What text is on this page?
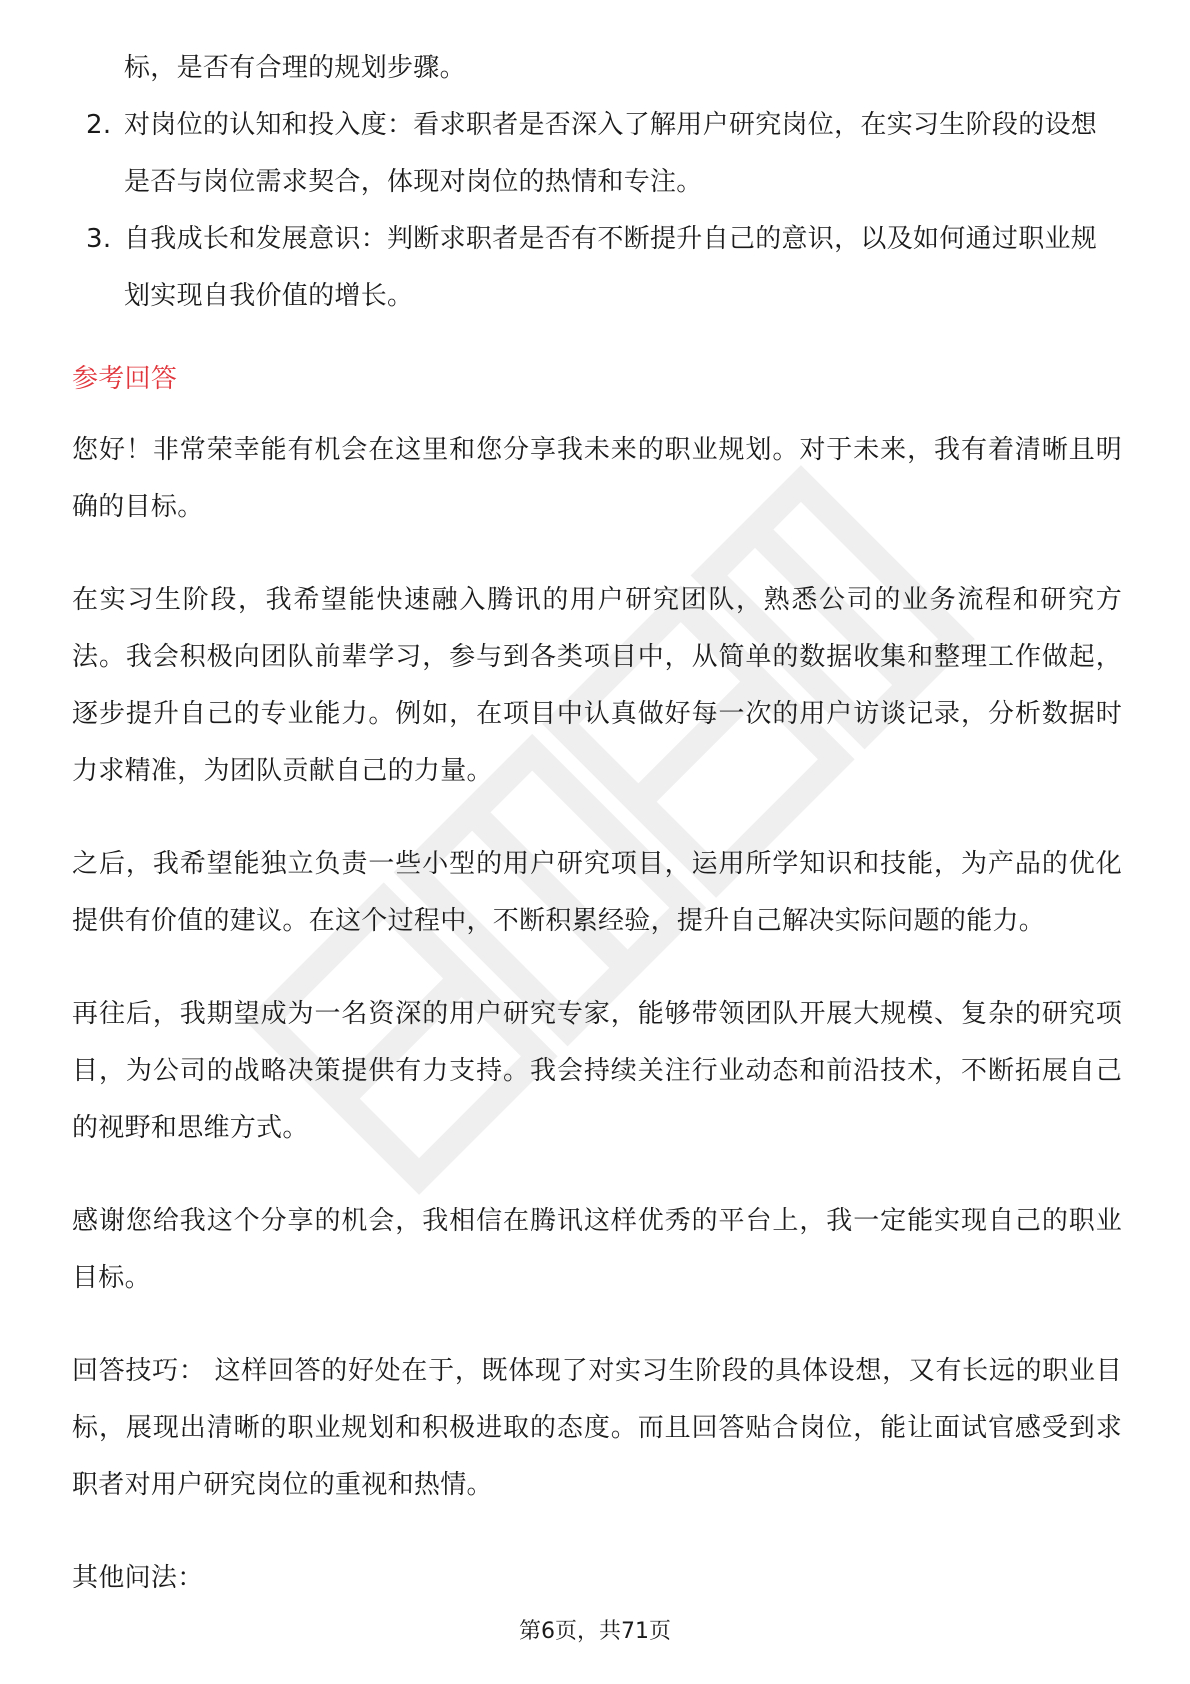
标，是否有合理的规划步骤。

2. 对岗位的认知和投入度：看求职者是否深入了解用户研究岗位，在实习生阶段的设想是否与岗位需求契合，体现对岗位的热情和专注。
3. 自我成长和发展意识：判断求职者是否有不断提升自己的意识，以及如何通过职业规划实现自我价值的增长。
参考回答

您好！非常荣幸能有机会在这里和您分享我未来的职业规划。对于未来，我有着清晰且明确的目标。

在实习生阶段，我希望能快速融入腾讯的用户研究团队，熟悉公司的业务流程和研究方法。我会积极向团队前辈学习，参与到各类项目中，从简单的数据收集和整理工作做起，逐步提升自己的专业能力。例如，在项目中认真做好每一次的用户访谈记录，分析数据时力求精准，为团队贡献自己的力量。

之后，我希望能独立负责一些小型的用户研究项目，运用所学知识和技能，为产品的优化提供有价值的建议。在这个过程中，不断积累经验，提升自己解决实际问题的能力。

再往后，我期望成为一名资深的用户研究专家，能够带领团队开展大规模、复杂的研究项目，为公司的战略决策提供有力支持。我会持续关注行业动态和前沿技术，不断拓展自己的视野和思维方式。

感谢您给我这个分享的机会，我相信在腾讯这样优秀的平台上，我一定能实现自己的职业目标。

回答技巧： 这样回答的好处在于，既体现了对实习生阶段的具体设想，又有长远的职业目标，展现出清晰的职业规划和积极进取的态度。而且回答贴合岗位，能让面试官感受到求职者对用户研究岗位的重视和热情。

其他问法：

第6页，共71页
